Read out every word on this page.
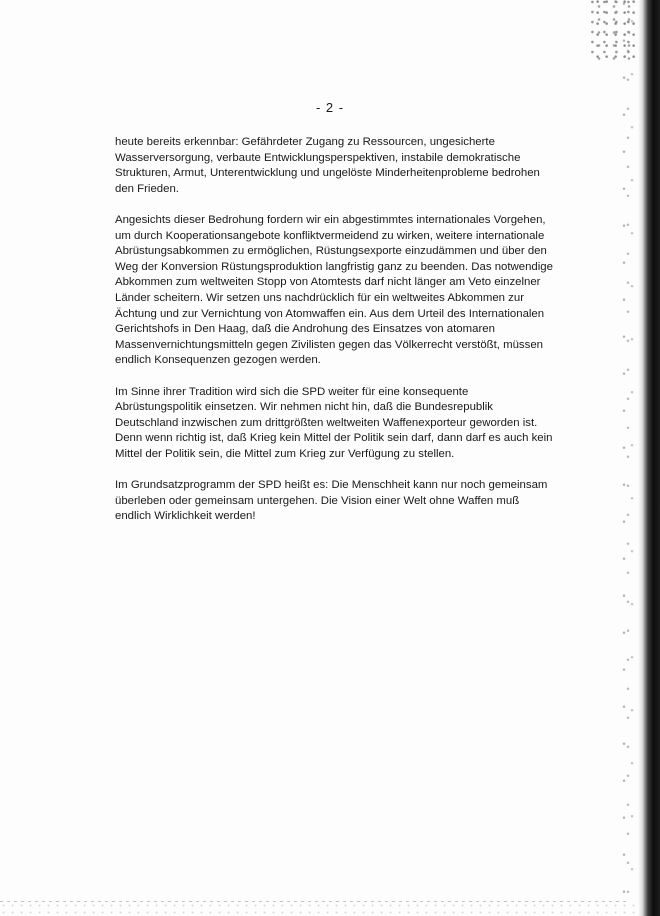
- 2 -

heute bereits erkennbar: Gefährdeter Zugang zu Ressourcen, ungesicherte
Wasserversorgung, verbaute Entwicklungsperspektiven, instabile demokratische
Strukturen, Armut, Unterentwicklung und ungelöste Minderheitenprobleme bedrohen
den Frieden.

Angesichts dieser Bedrohung fordern wir ein abgestimmtes internationales Vorgehen,
um durch Kooperationsangebote konfliktvermeidend zu wirken, weitere internationale
Abrüstungsabkommen zu ermöglichen, Rüstungsexporte einzudämmen und über den
Weg der Konversion Rüstungsproduktion langfristig ganz zu beenden. Das notwendige
Abkommen zum weltweiten Stopp von Atomtests darf nicht länger am Veto einzelner
Länder scheitern. Wir setzen uns nachdrücklich für ein weltweites Abkommen zur
Ächtung und zur Vernichtung von Atomwaffen ein. Aus dem Urteil des Internationalen
Gerichtshofs in Den Haag, daß die Androhung des Einsatzes von atomaren
Massenvernichtungsmitteln gegen Zivilisten gegen das Völkerrecht verstößt, müssen
endlich Konsequenzen gezogen werden.

Im Sinne ihrer Tradition wird sich die SPD weiter für eine konsequente
Abrüstungspolitik einsetzen. Wir nehmen nicht hin, daß die Bundesrepublik
Deutschland inzwischen zum drittgrößten weltweiten Waffenexporteur geworden ist.
Denn wenn richtig ist, daß Krieg kein Mittel der Politik sein darf, dann darf es auch kein
Mittel der Politik sein, die Mittel zum Krieg zur Verfügung zu stellen.

Im Grundsatzprogramm der SPD heißt es: Die Menschheit kann nur noch gemeinsam
überleben oder gemeinsam untergehen. Die Vision einer Welt ohne Waffen muß
endlich Wirklichkeit werden!
